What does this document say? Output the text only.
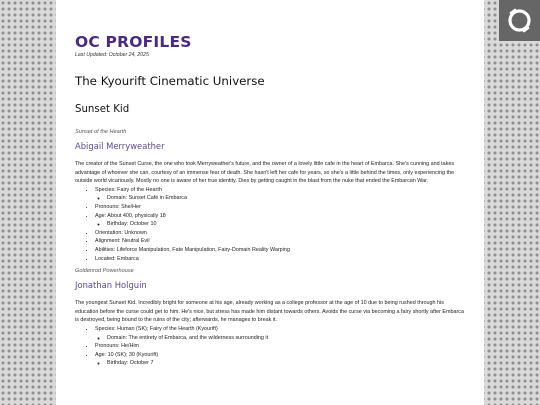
OC PROFILES
Last Updated: October 24, 2025
The Kyourift Cinematic Universe
Sunset Kid
Sunset of the Hearth
Abigail Merryweather
The creator of the Sunset Curse, the one who took Merryweather's future, and the owner of a lovely little cafe in the heart of Embarca. She's cunning and takes advantage of whoever she can, courtesy of an immense fear of death. She hasn't left her cafe for years, so she's a little behind the times, only experiencing the outside world vicariously. Mostly no one is aware of her true identity. Dies by getting caught in the blast from the nuke that ended the Embarcan War.
• Species: Fairy of the Hearth
◦ Domain: Sunset Café in Embarca
• Pronouns: She/Her
• Age: About 400, physically 18
◦ Birthday: October 10
• Orientation: Unknown
• Alignment: Neutral Evil
• Abilities: Lifeforce Manipulation, Fate Manipulation, Fairy-Domain Reality Warping
• Located: Embarca
Goldenrod Powerhouse
Jonathan Holguin
The youngest Sunset Kid. Incredibly bright for someone at his age, already working as a college professor at the age of 10 due to being rushed through his education before the curse could get to him. He's nice, but stress has made him distant towards others. Avoids the curse via becoming a fairy shortly after Embarca is destroyed, being bound to the ruins of the city; afterwards, he manages to break it.
• Species: Human (SK); Fairy of the Hearth (Kyourift)
◦ Domain: The entirety of Embarca, and the wilderness surrounding it
• Pronouns: He/Him
• Age: 10 (SK); 30 (Kyourift)
◦ Birthday: October 7
